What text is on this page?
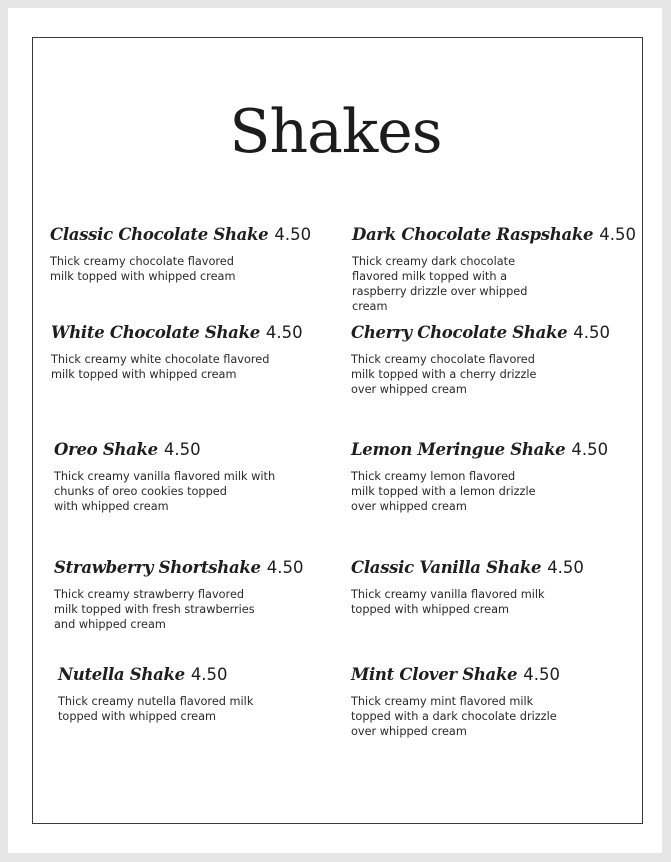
Shakes
Classic Chocolate Shake 4.50

Thick creamy chocolate flavored
milk topped with whipped cream

Dark Chocolate Raspshake 4.50

Thick creamy dark chocolate
flavored milk topped with a
raspberry drizzle over whipped
cream

White Chocolate Shake 4.50

Thick creamy white chocolate flavored
milk topped with whipped cream

Cherry Chocolate Shake 4.50

Thick creamy chocolate flavored
milk topped with a cherry drizzle
over whipped cream

Oreo Shake 4.50

Thick creamy vanilla flavored milk with
chunks of oreo cookies topped
with whipped cream

Lemon Meringue Shake 4.50

Thick creamy lemon flavored
milk topped with a lemon drizzle
over whipped cream

Strawberry Shortshake 4.50

Thick creamy strawberry flavored
milk topped with fresh strawberries
and whipped cream

Classic Vanilla Shake 4.50

Thick creamy vanilla flavored milk
topped with whipped cream

Nutella Shake 4.50

Thick creamy nutella flavored milk
topped with whipped cream

Mint Clover Shake 4.50

Thick creamy mint flavored milk
topped with a dark chocolate drizzle
over whipped cream
